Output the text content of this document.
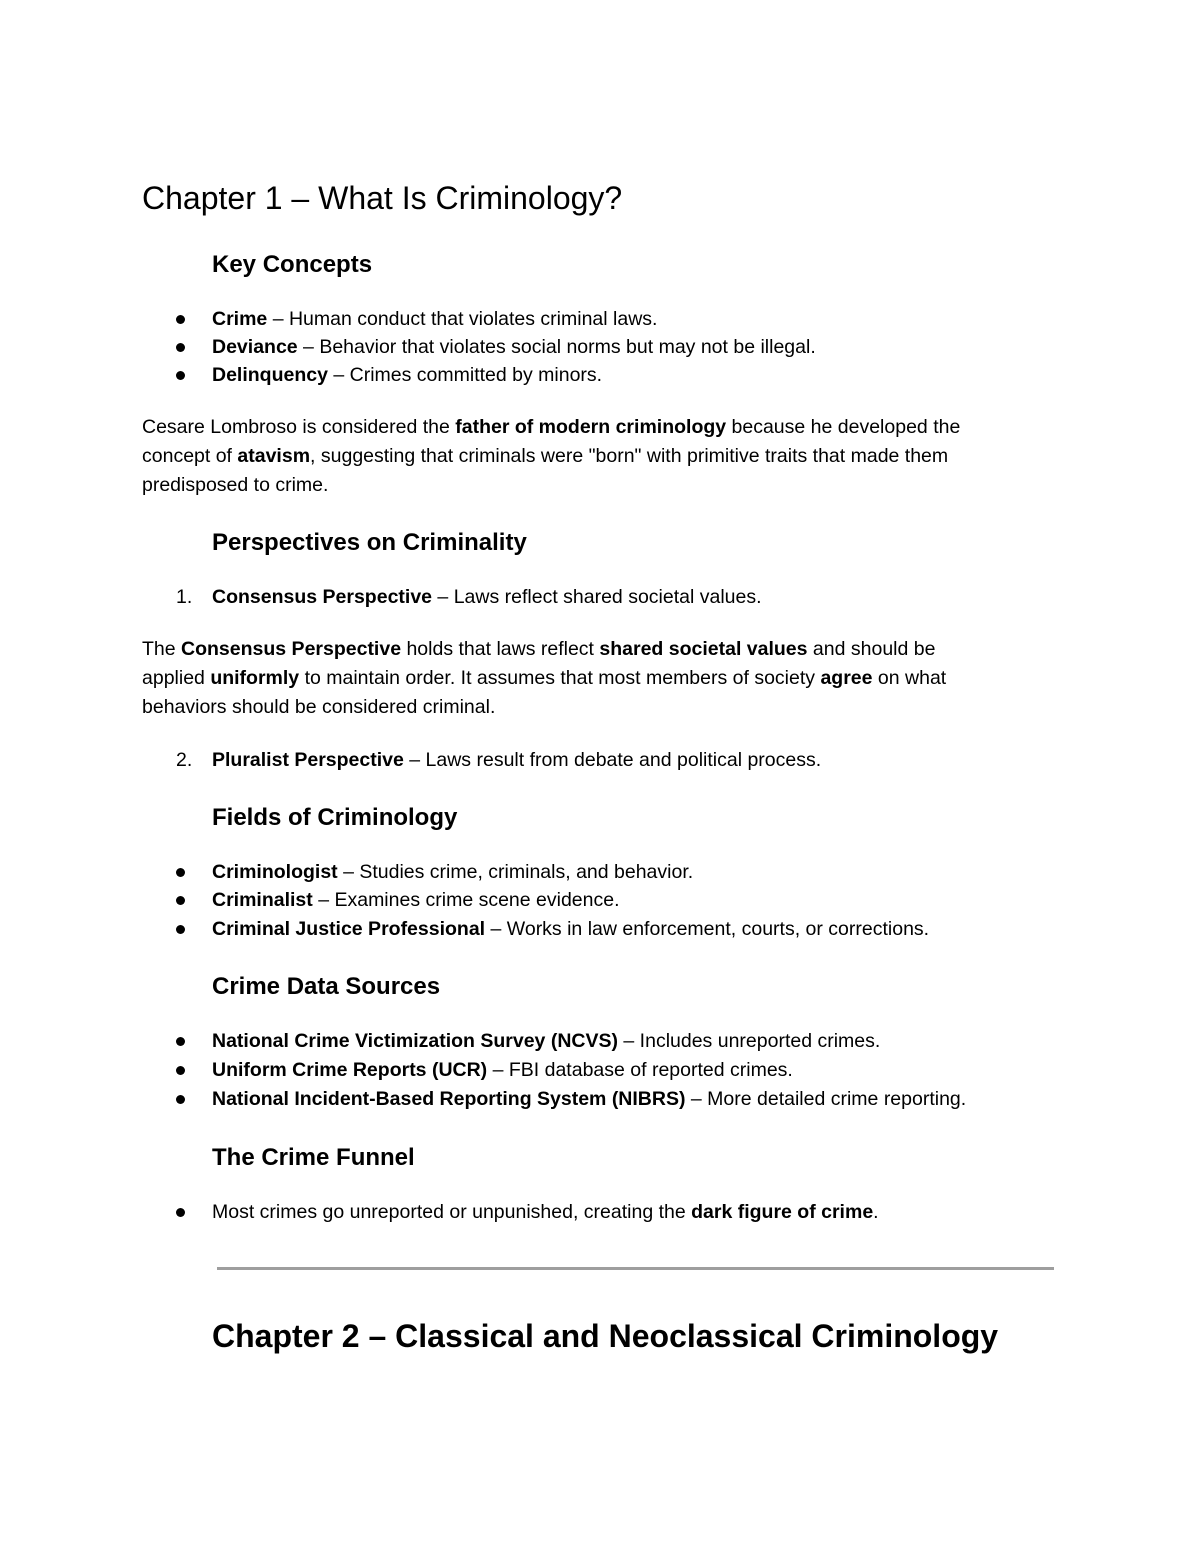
Chapter 1 – What Is Criminology?
Key Concepts
Crime – Human conduct that violates criminal laws.
Deviance – Behavior that violates social norms but may not be illegal.
Delinquency – Crimes committed by minors.
Cesare Lombroso is considered the father of modern criminology because he developed the
concept of atavism, suggesting that criminals were "born" with primitive traits that made them
predisposed to crime.
Perspectives on Criminality
1. Consensus Perspective – Laws reflect shared societal values.
The Consensus Perspective holds that laws reflect shared societal values and should be
applied uniformly to maintain order. It assumes that most members of society agree on what
behaviors should be considered criminal.
2. Pluralist Perspective – Laws result from debate and political process.
Fields of Criminology
Criminologist – Studies crime, criminals, and behavior.
Criminalist – Examines crime scene evidence.
Criminal Justice Professional – Works in law enforcement, courts, or corrections.
Crime Data Sources
National Crime Victimization Survey (NCVS) – Includes unreported crimes.
Uniform Crime Reports (UCR) – FBI database of reported crimes.
National Incident-Based Reporting System (NIBRS) – More detailed crime reporting.
The Crime Funnel
Most crimes go unreported or unpunished, creating the dark figure of crime.
Chapter 2 – Classical and Neoclassical Criminology
